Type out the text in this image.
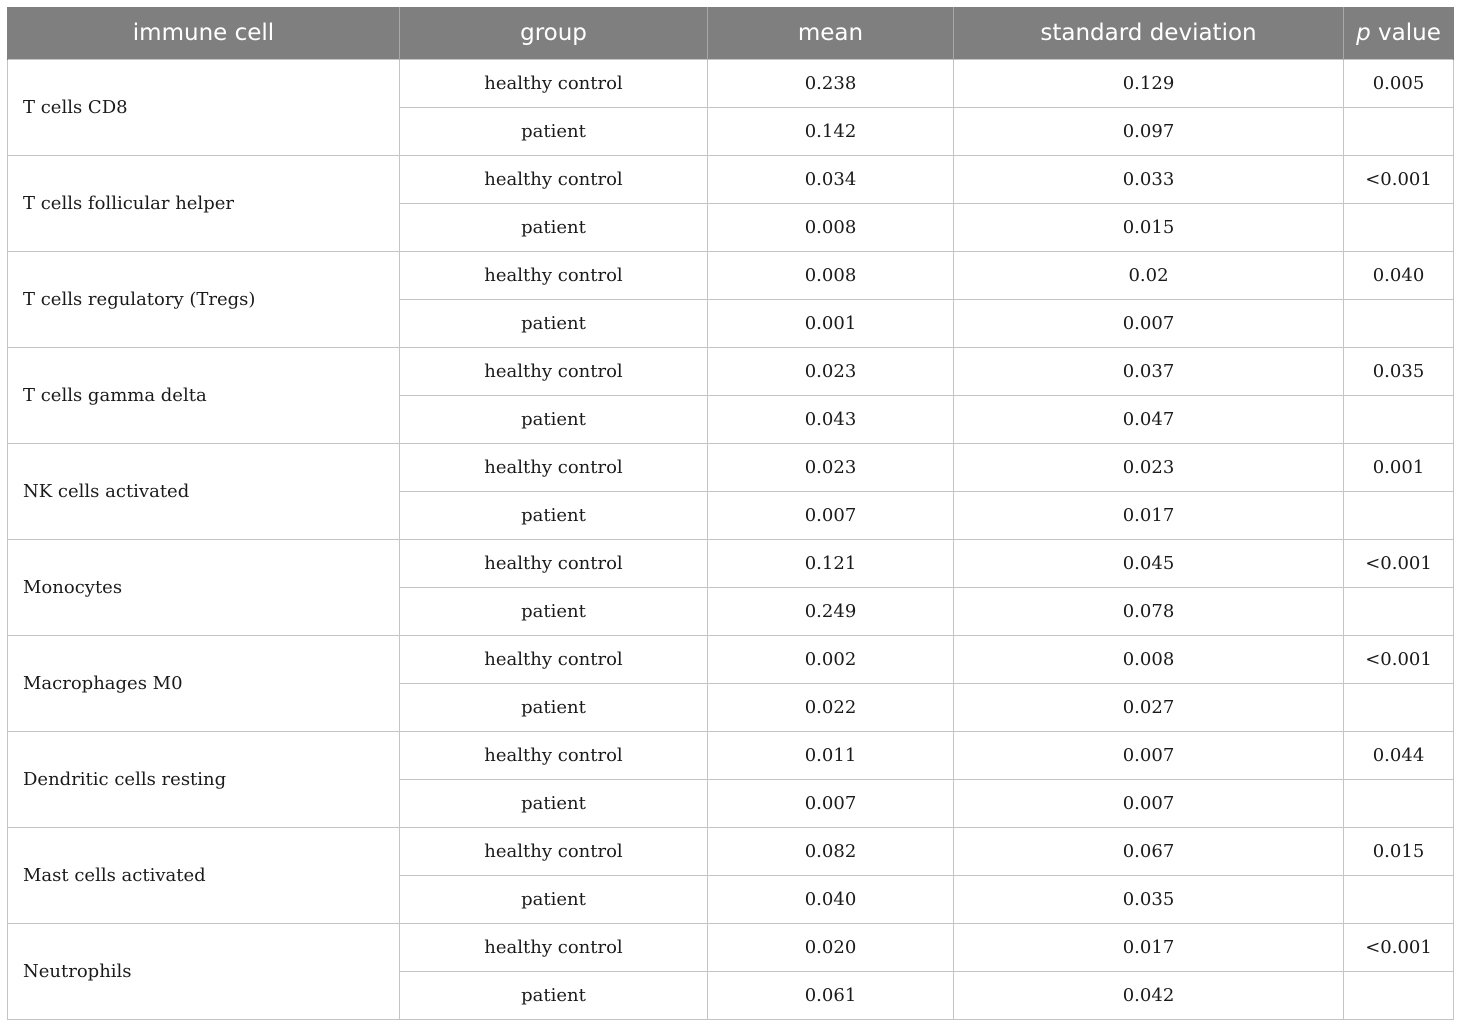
immune cell	group	mean	standard deviation	p value
T cells CD8	healthy control	0.238	0.129	0.005
	patient	0.142	0.097	
T cells follicular helper	healthy control	0.034	0.033	<0.001
	patient	0.008	0.015	
T cells regulatory (Tregs)	healthy control	0.008	0.02	0.040
	patient	0.001	0.007	
T cells gamma delta	healthy control	0.023	0.037	0.035
	patient	0.043	0.047	
NK cells activated	healthy control	0.023	0.023	0.001
	patient	0.007	0.017	
Monocytes	healthy control	0.121	0.045	<0.001
	patient	0.249	0.078	
Macrophages M0	healthy control	0.002	0.008	<0.001
	patient	0.022	0.027	
Dendritic cells resting	healthy control	0.011	0.007	0.044
	patient	0.007	0.007	
Mast cells activated	healthy control	0.082	0.067	0.015
	patient	0.040	0.035	
Neutrophils	healthy control	0.020	0.017	<0.001
	patient	0.061	0.042	
